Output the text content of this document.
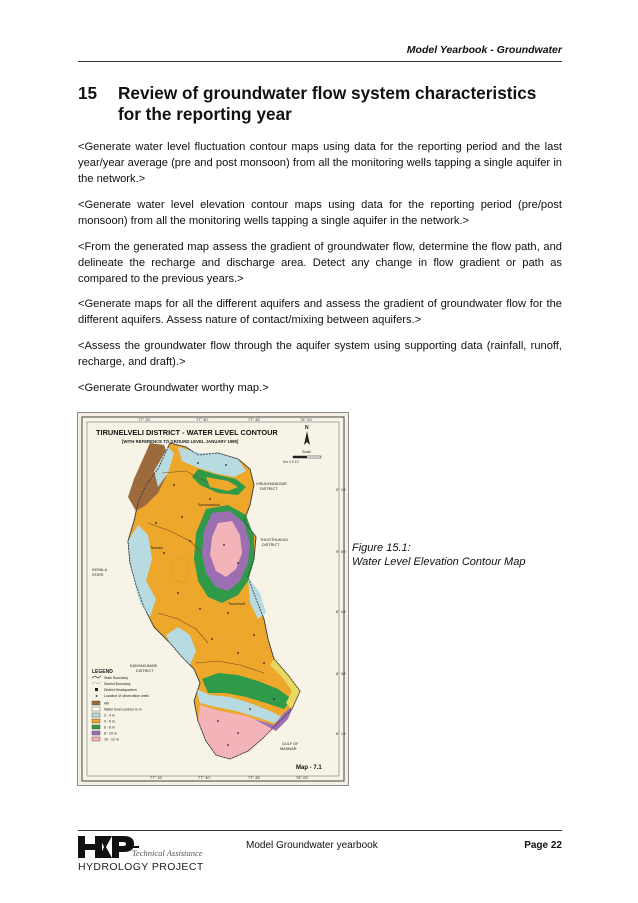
Model Yearbook - Groundwater
15	Review of groundwater flow system characteristics for the reporting year

<Generate water level fluctuation contour maps using data for the reporting period and the last year/year average (pre and post monsoon) from all the monitoring wells tapping a single aquifer in the network.>

<Generate water level elevation contour maps using data for the reporting period (pre/post monsoon) from all the monitoring wells tapping a single aquifer in the network.>

<From the generated map assess the gradient of groundwater flow, determine the flow path, and delineate the recharge and discharge area. Detect any change in flow gradient or path as compared to the previous years.>

<Generate maps for all the different aquifers and assess the gradient of groundwater flow for the different aquifers. Assess nature of contact/mixing between aquifers.>

<Assess the groundwater flow through the aquifer system using supporting data (rainfall, runoff, recharge, and draft).>

<Generate Groundwater worthy map.>

77° 15'	77° 30'	77° 45'	78° 00'
77° 15'	77° 30'	77° 45'	78° 00'
9° 15'
9° 00'
8° 45'
8° 30'
8° 15'
TIRUNELVELI DISTRICT - WATER LEVEL CONTOUR
[WITH REFERENCE TO GROUND LEVEL JANUARY 1989]
N
Scale
Km 0 5 10
Sankarankoil
Tenkasi
Tirunelveli
VIRUDHUNAGAR
DISTRICT
THOOTHUKUDI
DISTRICT
KERALA
STATE
KANYAKUMARI
DISTRICT
GULF OF
MANNAR
LEGEND
State Boundary
District Boundary
District Headquarters
Location of observation wells
Hill
Water level contour in m
2 - 4 m
4 - 6 m
6 - 8 m
8 - 10 m
10 - 12 m
Map - 7.1
Figure 15.1:
Water Level Elevation Contour Map
Technical Assistance
HYDROLOGY PROJECT
Model Groundwater yearbook	Page 22
